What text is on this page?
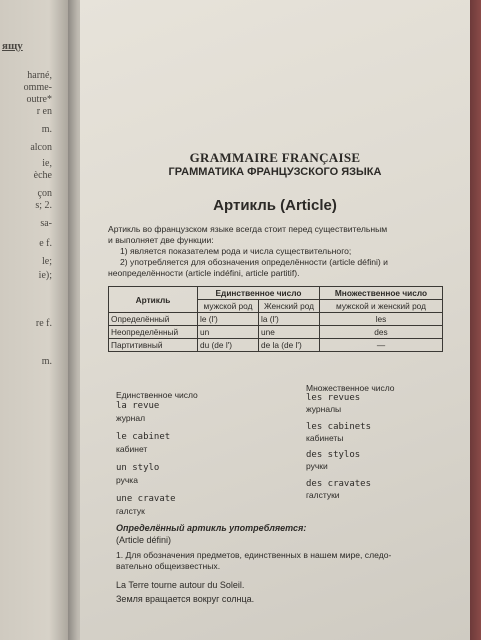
ящу
harné,
omme-
outre*
r en
m.
alcon
ie,
èche
çon
s; 2.
sa-
e f.
le;
ie);
re f.
m.
GRAMMAIRE FRANÇAISE
ГРАММАТИКА ФРАНЦУЗСКОГО ЯЗЫКА
Артикль (Article)

Артикль во французском языке всегда стоит перед существительным

и выполняет две функции:

1) является показателем рода и числа существительного;

2) употребляется для обозначения определённости (article défini) и

неопределённости (article indéfini, article partitif).

Артикль	Единственное число		Множественное число
	мужской род	Женский род	мужской и женский род
Определённый	le (l')	la (l')	les
Неопределённый	un	une	des
Партитивный	du (de l')	de la (de l')	—
Единственное число
Множественное число
la revue
журнал
les revues
журналы
le cabinet
кабинет
les cabinets
кабинеты
un stylo
ручка
des stylos
ручки
une cravate
галстук
des cravates
галстуки
Определённый артикль употребляется:
(Article défini)
1. Для обозначения предметов, единственных в нашем мире, следо-
вательно общеизвестных.
La Terre tourne autour du Soleil.
Земля вращается вокруг солнца.
